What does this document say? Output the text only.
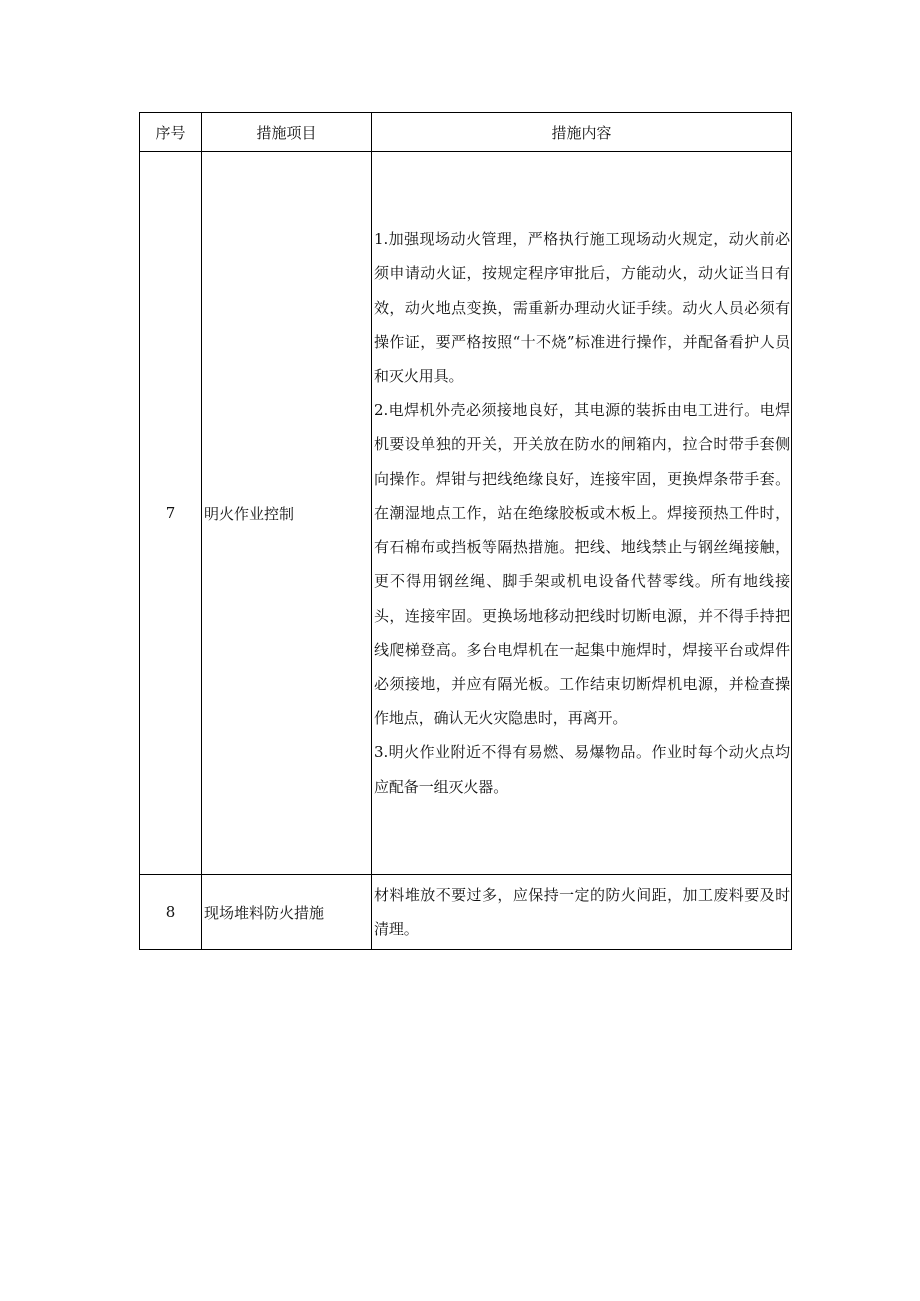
序号	措施项目	措施内容
7	明火作业控制	1.加强现场动火管理，严格执行施工现场动火规定，动火前必须申请动火证，按规定程序审批后，方能动火，动火证当日有效，动火地点变换，需重新办理动火证手续。动火人员必须有操作证，要严格按照“十不烧”标准进行操作，并配备看护人员和灭火用具。
2.电焊机外壳必须接地良好，其电源的装拆由电工进行。电焊机要设单独的开关，开关放在防水的闸箱内，拉合时带手套侧向操作。焊钳与把线绝缘良好，连接牢固，更换焊条带手套。在潮湿地点工作，站在绝缘胶板或木板上。焊接预热工件时，有石棉布或挡板等隔热措施。把线、地线禁止与钢丝绳接触，更不得用钢丝绳、脚手架或机电设备代替零线。所有地线接头，连接牢固。更换场地移动把线时切断电源，并不得手持把线爬梯登高。多台电焊机在一起集中施焊时，焊接平台或焊件必须接地，并应有隔光板。工作结束切断焊机电源，并检查操作地点，确认无火灾隐患时，再离开。
3.明火作业附近不得有易燃、易爆物品。作业时每个动火点均应配备一组灭火器。

8	现场堆料防火措施	材料堆放不要过多，应保持一定的防火间距，加工废料要及时清理。
